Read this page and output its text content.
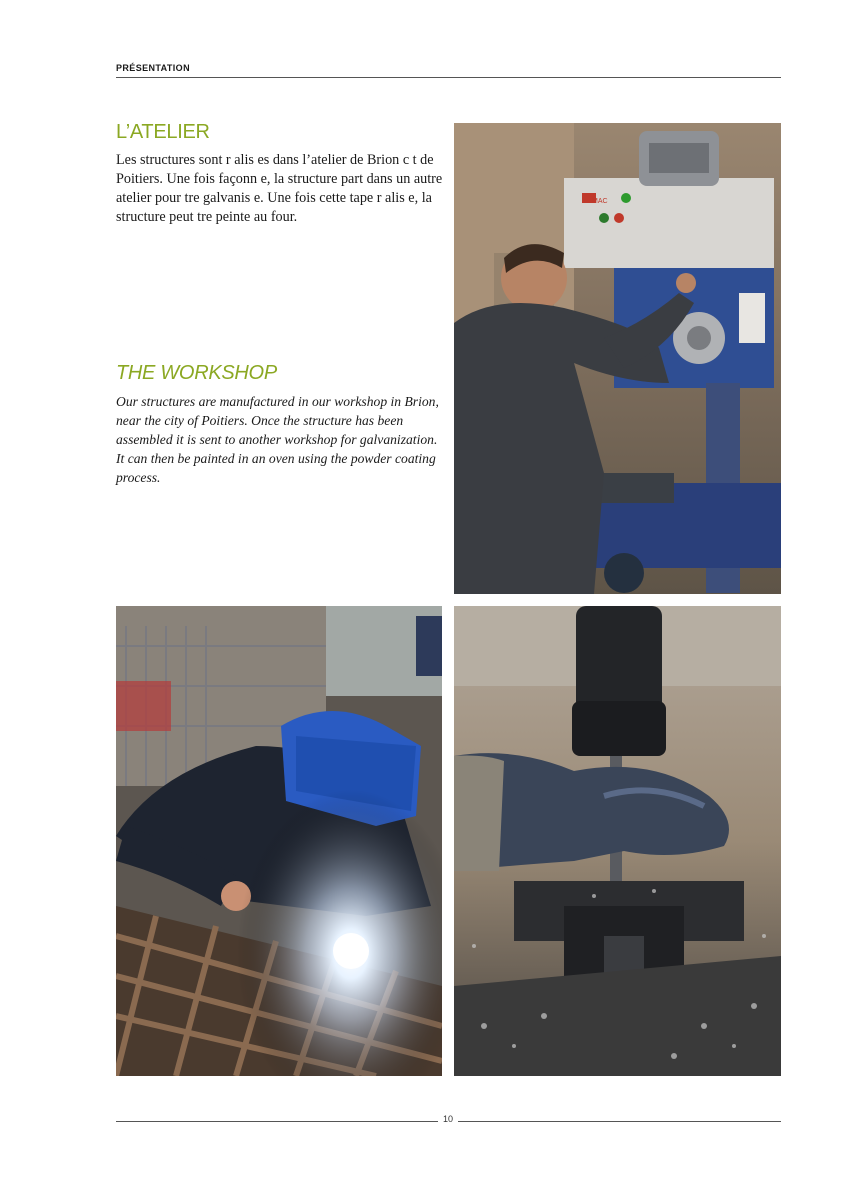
PRÉSENTATION
L’ATELIER

Les structures sont r alis es dans l’atelier de Brion c t de Poitiers. Une fois façonn e, la structure part dans un autre atelier pour tre galvanis e. Une fois cette tape r alis e, la structure peut tre peinte au four.

THE WORKSHOP

Our structures are manufactured in our workshop in Brion, near the city of Poitiers. Once the structure has been assembled it is sent to another workshop for galvanization. It can then be painted in an oven using the powder coating process.

MAC
10
